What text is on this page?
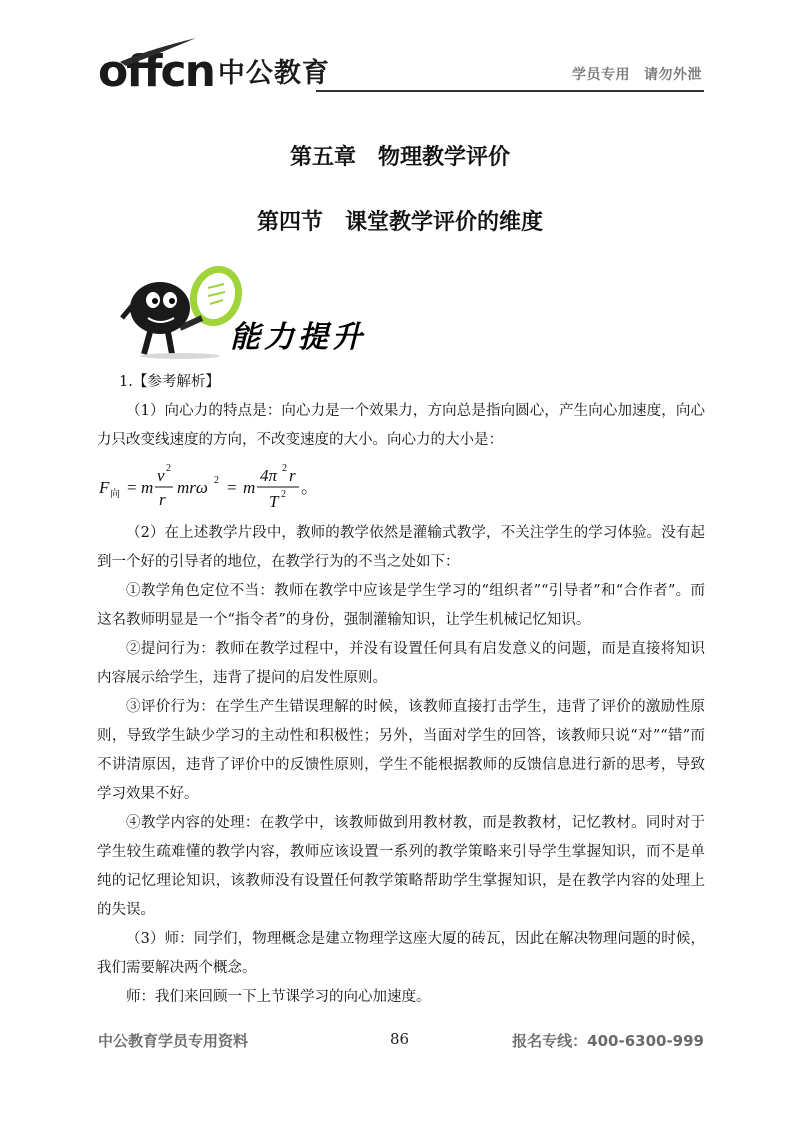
offcn 中公教育	学员专用 请勿外泄
第五章　物理教学评价
第四节　课堂教学评价的维度
能力提升

1.【参考解析】

（1）向心力的特点是：向心力是一个效果力，方向总是指向圆心，产生向心加速度，向心力只改变线速度的方向，不改变速度的大小。向心力的大小是：

F 向 = m
v 2
r
mrω 2 = m
4π 2 r
T 2 。

（2）在上述教学片段中，教师的教学依然是灌输式教学，不关注学生的学习体验。没有起到一个好的引导者的地位，在教学行为的不当之处如下：

①教学角色定位不当：教师在教学中应该是学生学习的“组织者”“引导者”和“合作者”。而这名教师明显是一个“指令者”的身份，强制灌输知识，让学生机械记忆知识。

②提问行为：教师在教学过程中，并没有设置任何具有启发意义的问题，而是直接将知识内容展示给学生，违背了提问的启发性原则。

③评价行为：在学生产生错误理解的时候，该教师直接打击学生，违背了评价的激励性原则，导致学生缺少学习的主动性和积极性；另外，当面对学生的回答，该教师只说“对”“错”而不讲清原因，违背了评价中的反馈性原则，学生不能根据教师的反馈信息进行新的思考，导致学习效果不好。

④教学内容的处理：在教学中，该教师做到用教材教，而是教教材，记忆教材。同时对于学生较生疏难懂的教学内容，教师应该设置一系列的教学策略来引导学生掌握知识，而不是单纯的记忆理论知识，该教师没有设置任何教学策略帮助学生掌握知识，是在教学内容的处理上的失误。

（3）师：同学们，物理概念是建立物理学这座大厦的砖瓦，因此在解决物理问题的时候，我们需要解决两个概念。

师：我们来回顾一下上节课学习的向心加速度。

中公教育学员专用资料	86	报名专线：400-6300-999
